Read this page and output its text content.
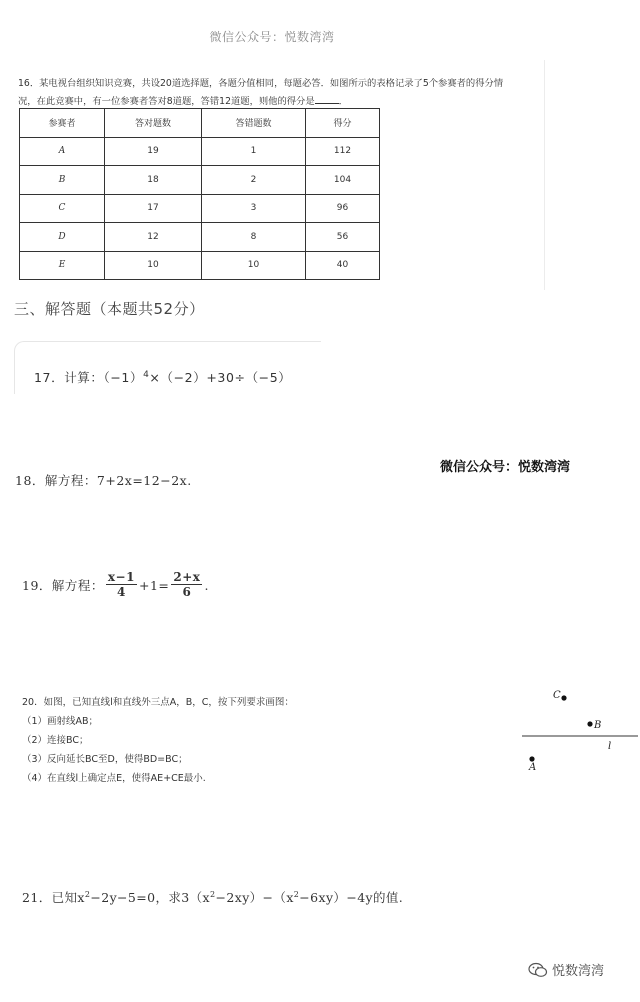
微信公众号：悦数湾湾
16．某电视台组织知识竞赛，共设20道选择题，各题分值相同，每题必答．如图所示的表格记录了5个参赛者的得分情
况，在此竞赛中，有一位参赛者答对8道题，答错12道题，则他的得分是	．
参赛者	答对题数	答错题数	得分
A	19	1	112
B	18	2	104
C	17	3	96
D	12	8	56
E	10	10	40
三、解答题（本题共52分）
17．计算：$(-1)^4\times(-2)+30\div(-5)$
微信公众号：悦数湾湾
18．解方程：7+2x=12−2x.
19．解方程： $\frac{x-1}{4} +1= \frac{2+x}{6}$ .
20．如图，已知直线l和直线外三点A，B，C，按下列要求画图：
（1）画射线AB；
（2）连接BC；
（3）反向延长BC至D，使得BD=BC；
（4）在直线l上确定点E，使得AE+CE最小.
C
B
A
l
21．已知$x^2-2y-5=0$，求$3(x^2-2xy)-(x^2-6xy)-4y$的值.
悦数湾湾
